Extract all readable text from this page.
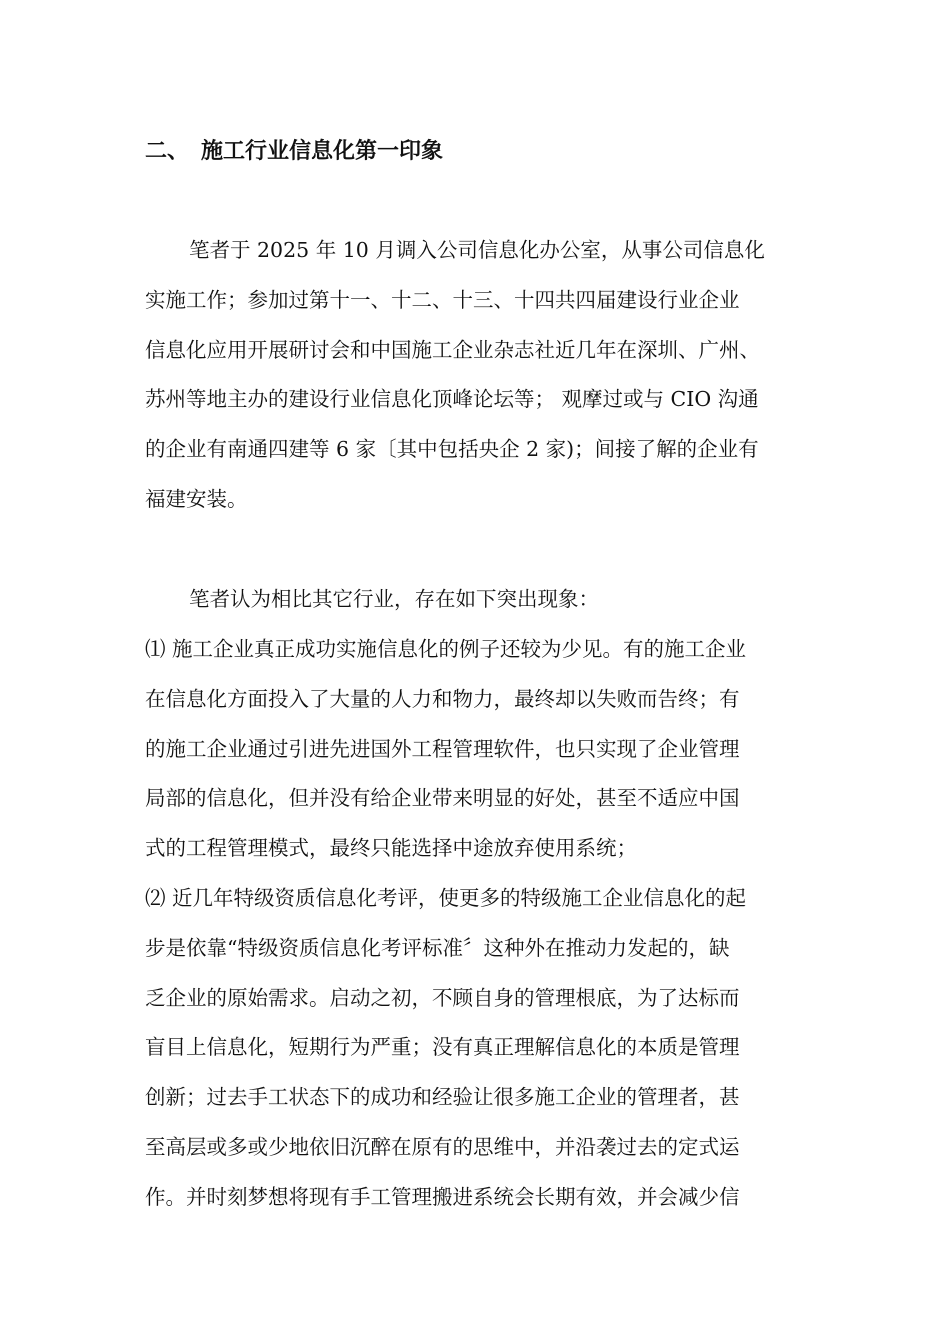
二、 施工行业信息化第一印象
笔者于 2025 年 10 月调入公司信息化办公室，从事公司信息化
实施工作；参加过第十一、十二、十三、十四共四届建设行业企业
信息化应用开展研讨会和中国施工企业杂志社近几年在深圳、广州、
苏州等地主办的建设行业信息化顶峰论坛等； 观摩过或与 CIO 沟通
的企业有南通四建等 6 家〔其中包括央企 2 家)；间接了解的企业有
福建安装。
笔者认为相比其它行业，存在如下突出现象：
⑴ 施工企业真正成功实施信息化的例子还较为少见。有的施工企业
在信息化方面投入了大量的人力和物力，最终却以失败而告终；有
的施工企业通过引进先进国外工程管理软件，也只实现了企业管理
局部的信息化，但并没有给企业带来明显的好处，甚至不适应中国
式的工程管理模式，最终只能选择中途放弃使用系统；
⑵ 近几年特级资质信息化考评，使更多的特级施工企业信息化的起
步是依靠“特级资质信息化考评标准〞这种外在推动力发起的，缺
乏企业的原始需求。启动之初，不顾自身的管理根底，为了达标而
盲目上信息化，短期行为严重；没有真正理解信息化的本质是管理
创新；过去手工状态下的成功和经验让很多施工企业的管理者，甚
至高层或多或少地依旧沉醉在原有的思维中，并沿袭过去的定式运
作。并时刻梦想将现有手工管理搬进系统会长期有效，并会减少信
